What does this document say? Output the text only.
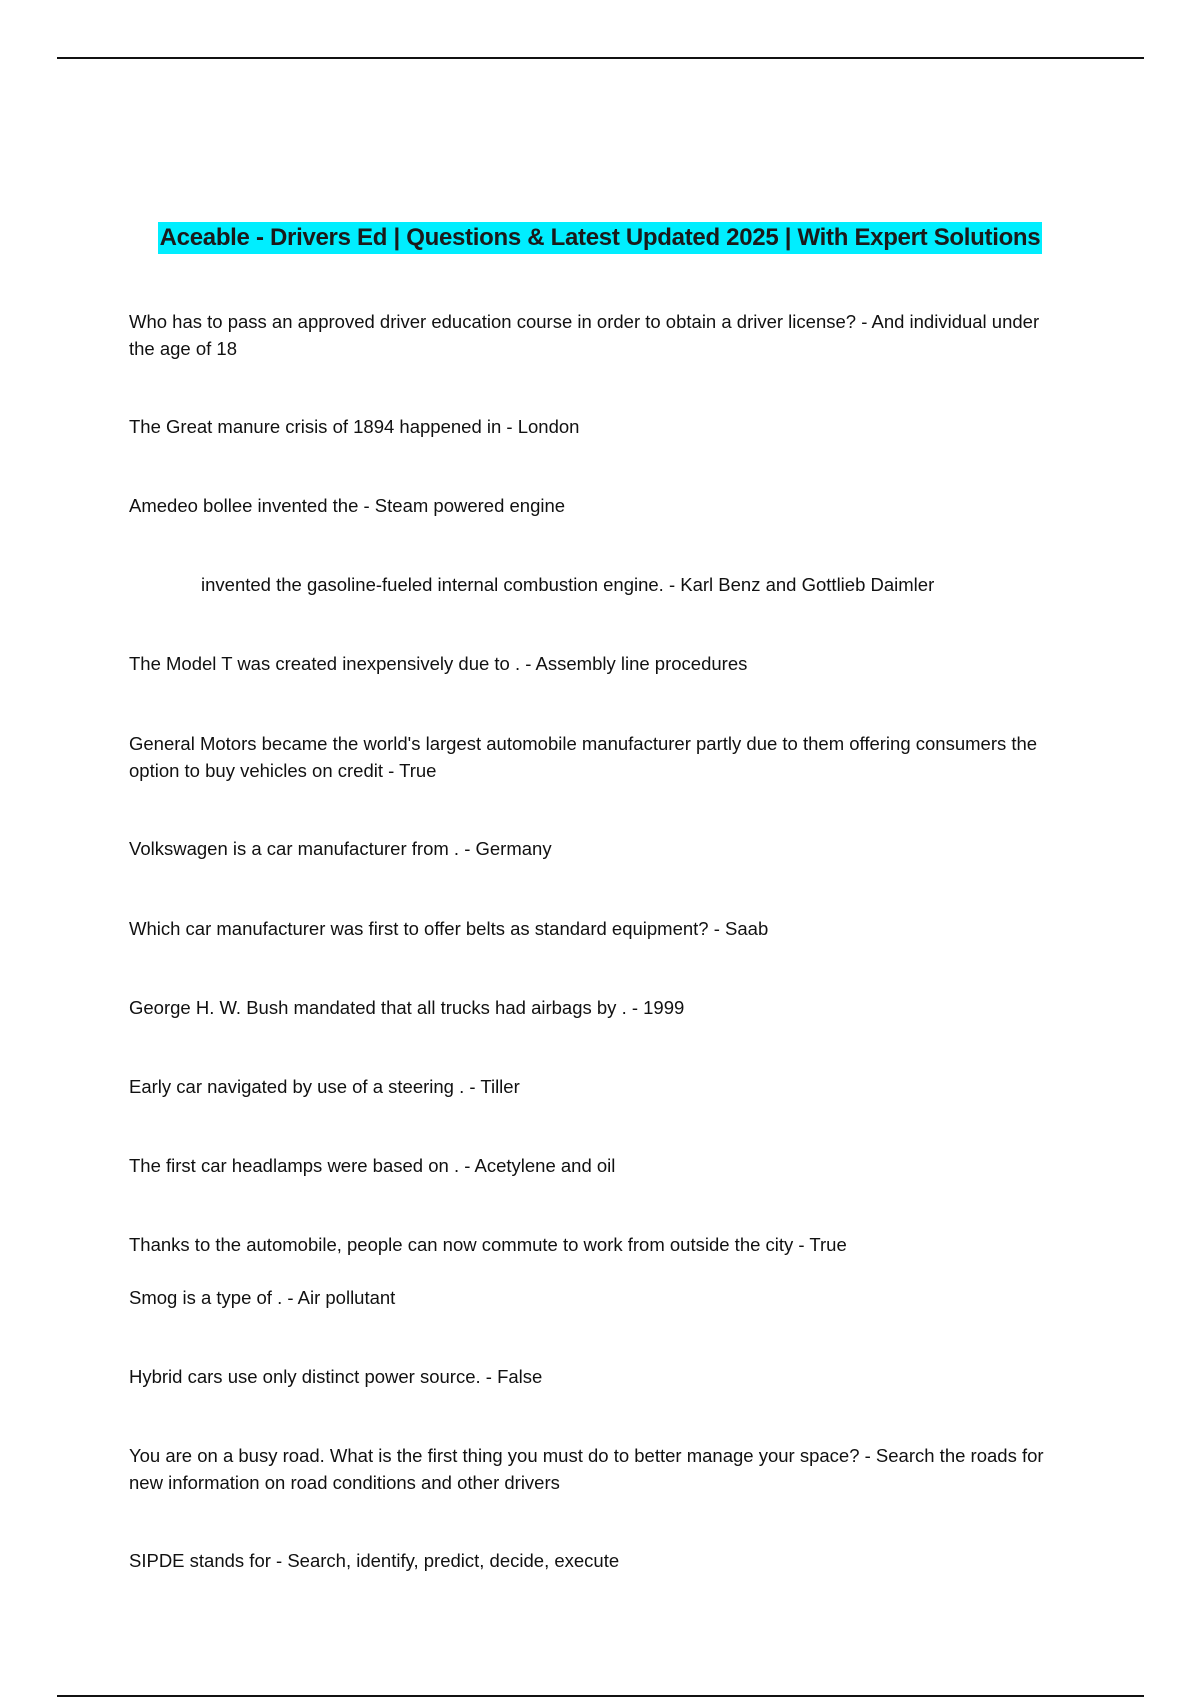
Aceable - Drivers Ed | Questions & Latest Updated 2025 | With Expert Solutions

Who has to pass an approved driver education course in order to obtain a driver license? - And individual under the age of 18

The Great manure crisis of 1894 happened in - London

Amedeo bollee invented the - Steam powered engine

invented the gasoline-fueled internal combustion engine. - Karl Benz and Gottlieb Daimler

The Model T was created inexpensively due to . - Assembly line procedures

General Motors became the world's largest automobile manufacturer partly due to them offering consumers the option to buy vehicles on credit - True

Volkswagen is a car manufacturer from . - Germany

Which car manufacturer was first to offer belts as standard equipment? - Saab

George H. W. Bush mandated that all trucks had airbags by . - 1999

Early car navigated by use of a steering . - Tiller

The first car headlamps were based on . - Acetylene and oil

Thanks to the automobile, people can now commute to work from outside the city - True

Smog is a type of . - Air pollutant

Hybrid cars use only distinct power source. - False

You are on a busy road. What is the first thing you must do to better manage your space? - Search the roads for new information on road conditions and other drivers

SIPDE stands for - Search, identify, predict, decide, execute
